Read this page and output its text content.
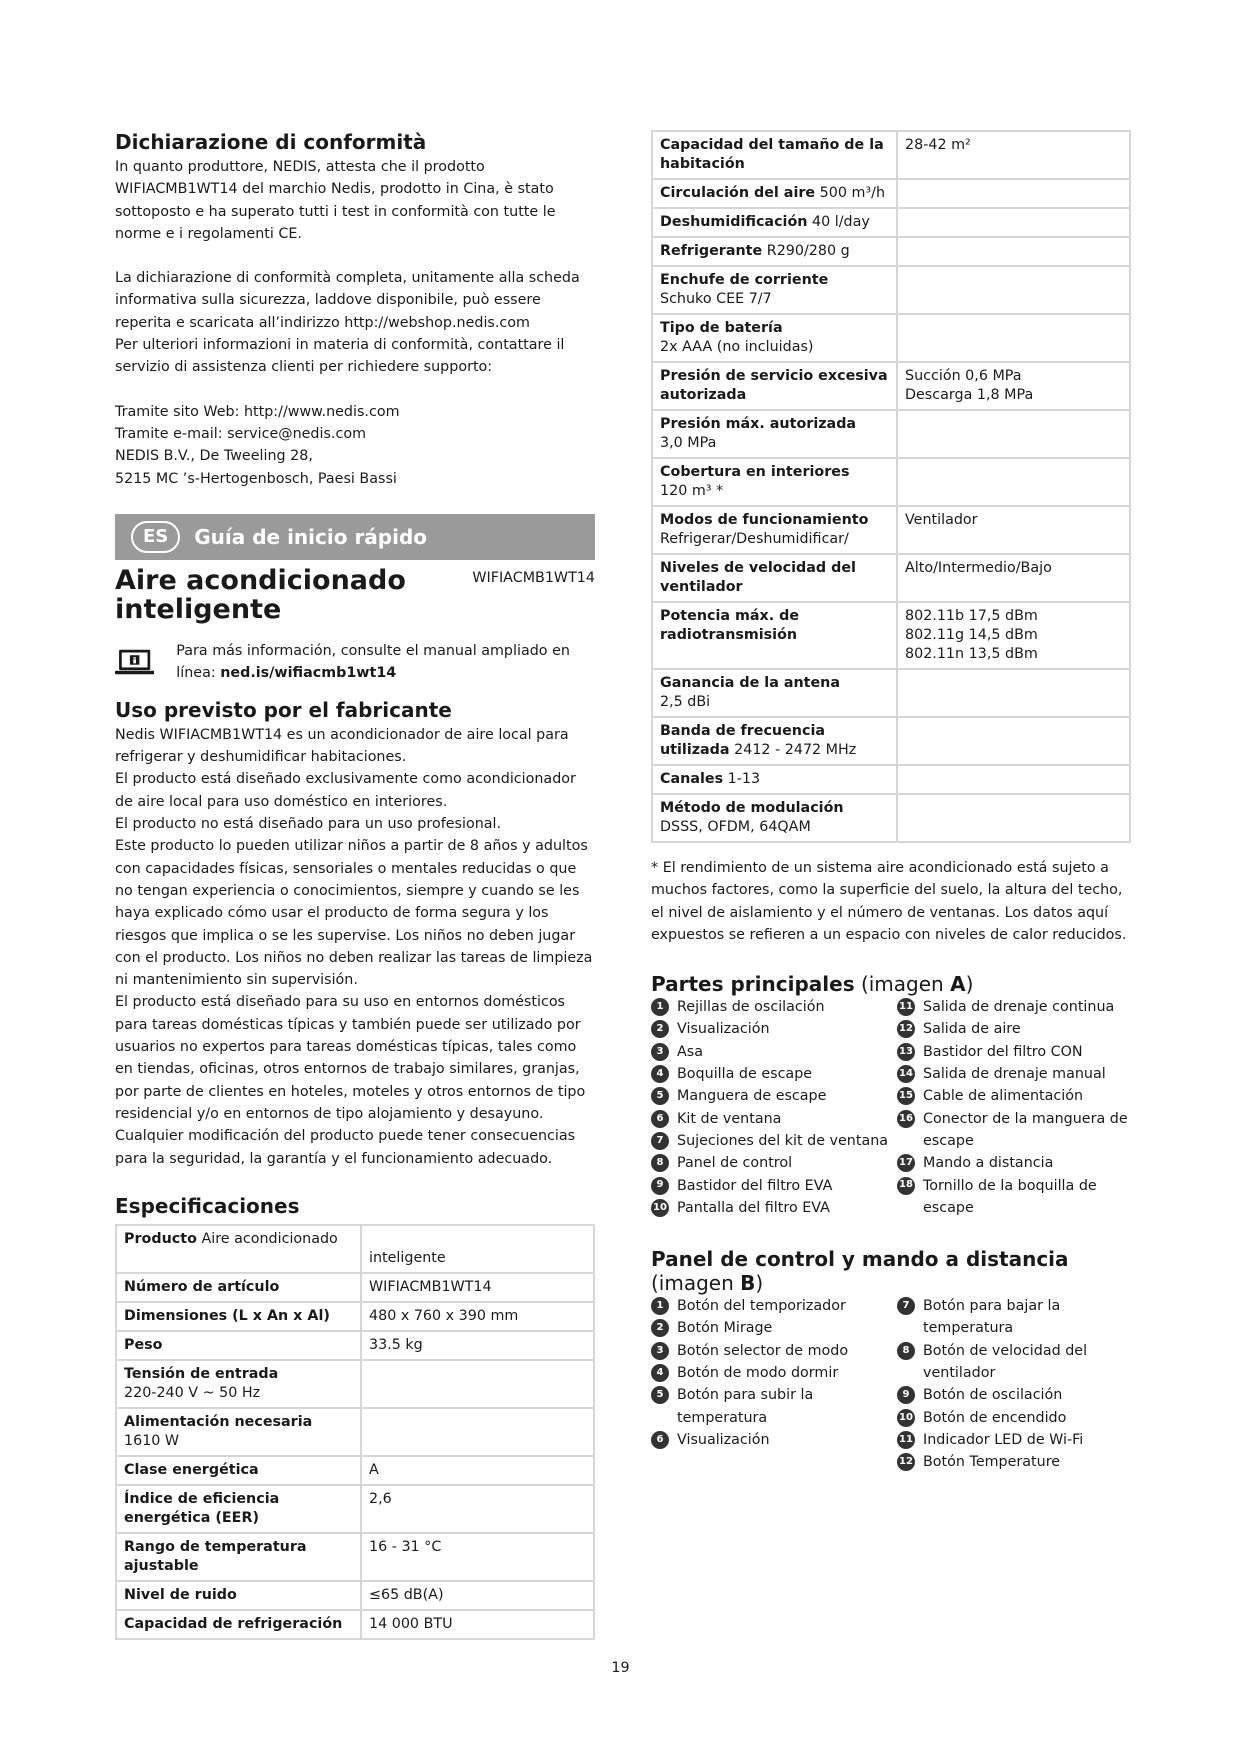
Dichiarazione di conformità

In quanto produttore, NEDIS, attesta che il prodotto WIFIACMB1WT14 del marchio Nedis, prodotto in Cina, è stato sottoposto e ha superato tutti i test in conformità con tutte le norme e i regolamenti CE.

La dichiarazione di conformità completa, unitamente alla scheda informativa sulla sicurezza, laddove disponibile, può essere reperita e scaricata all’indirizzo http://webshop.nedis.com

Per ulteriori informazioni in materia di conformità, contattare il servizio di assistenza clienti per richiedere supporto:

Tramite sito Web: http://www.nedis.com

Tramite e-mail: service@nedis.com

NEDIS B.V., De Tweeling 28,

5215 MC ’s-Hertogenbosch, Paesi Bassi

ES	Guía de inicio rápido

Aire acondicionado

inteligente

WIFIACMB1WT14
Para más información, consulte el manual ampliado en línea: ned.is/wifiacmb1wt14
Uso previsto por el fabricante

Nedis WIFIACMB1WT14 es un acondicionador de aire local para refrigerar y deshumidificar habitaciones.

El producto está diseñado exclusivamente como acondicionador de aire local para uso doméstico en interiores.

El producto no está diseñado para un uso profesional.

Este producto lo pueden utilizar niños a partir de 8 años y adultos con capacidades físicas, sensoriales o mentales reducidas o que no tengan experiencia o conocimientos, siempre y cuando se les haya explicado cómo usar el producto de forma segura y los riesgos que implica o se les supervise. Los niños no deben jugar con el producto. Los niños no deben realizar las tareas de limpieza ni mantenimiento sin supervisión.

El producto está diseñado para su uso en entornos domésticos para tareas domésticas típicas y también puede ser utilizado por usuarios no expertos para tareas domésticas típicas, tales como en tiendas, oficinas, otros entornos de trabajo similares, granjas, por parte de clientes en hoteles, moteles y otros entornos de tipo residencial y/o en entornos de tipo alojamiento y desayuno.

Cualquier modificación del producto puede tener consecuencias para la seguridad, la garantía y el funcionamiento adecuado.

Especificaciones
Producto Aire acondicionado	inteligente
Número de artículo	WIFIACMB1WT14
Dimensiones (L x An x Al)	480 x 760 x 390 mm
Peso	33.5 kg
Tensión de entrada 220-240 V ~ 50 Hz	
Alimentación necesaria 1610 W	
Clase energética	A
Índice de eficiencia energética (EER)	2,6
Rango de temperatura ajustable	16 - 31 °C
Nivel de ruido	≤65 dB(A)
Capacidad de refrigeración	14 000 BTU
Capacidad del tamaño de la habitación	28-42 m²
Circulación del aire 500 m³/h	
Deshumidificación 40 l/day	
Refrigerante R290/280 g	
Enchufe de corriente Schuko CEE 7/7	
Tipo de batería 2x AAA (no incluidas)	
Presión de servicio excesiva autorizada	Succión 0,6 MPa
Descarga 1,8 MPa
Presión máx. autorizada 3,0 MPa	
Cobertura en interiores 120 m³ *	
Modos de funcionamiento Refrigerar/Deshumidificar/	Ventilador
Niveles de velocidad del ventilador	Alto/Intermedio/Bajo
Potencia máx. de radiotransmisión	802.11b 17,5 dBm
802.11g 14,5 dBm
802.11n 13,5 dBm
Ganancia de la antena 2,5 dBi	
Banda de frecuencia utilizada 2412 - 2472 MHz	
Canales 1-13	
Método de modulación DSSS, OFDM, 64QAM	

* El rendimiento de un sistema aire acondicionado está sujeto a muchos factores, como la superficie del suelo, la altura del techo, el nivel de aislamiento y el número de ventanas. Los datos aquí expuestos se refieren a un espacio con niveles de calor reducidos.

Partes principales (imagen A)
1 Rejillas de oscilación
2 Visualización
3 Asa
4 Boquilla de escape
5 Manguera de escape
6 Kit de ventana
7 Sujeciones del kit de ventana
8 Panel de control
9 Bastidor del filtro EVA
10 Pantalla del filtro EVA
11 Salida de drenaje continua
12 Salida de aire
13 Bastidor del filtro CON
14 Salida de drenaje manual
15 Cable de alimentación
16 Conector de la manguera de escape
17 Mando a distancia
18 Tornillo de la boquilla de escape
Panel de control y mando a distancia (imagen B)
1 Botón del temporizador
2 Botón Mirage
3 Botón selector de modo
4 Botón de modo dormir
5 Botón para subir la temperatura
6 Visualización
7 Botón para bajar la temperatura
8 Botón de velocidad del ventilador
9 Botón de oscilación
10 Botón de encendido
11 Indicador LED de Wi-Fi
12 Botón Temperature
19
